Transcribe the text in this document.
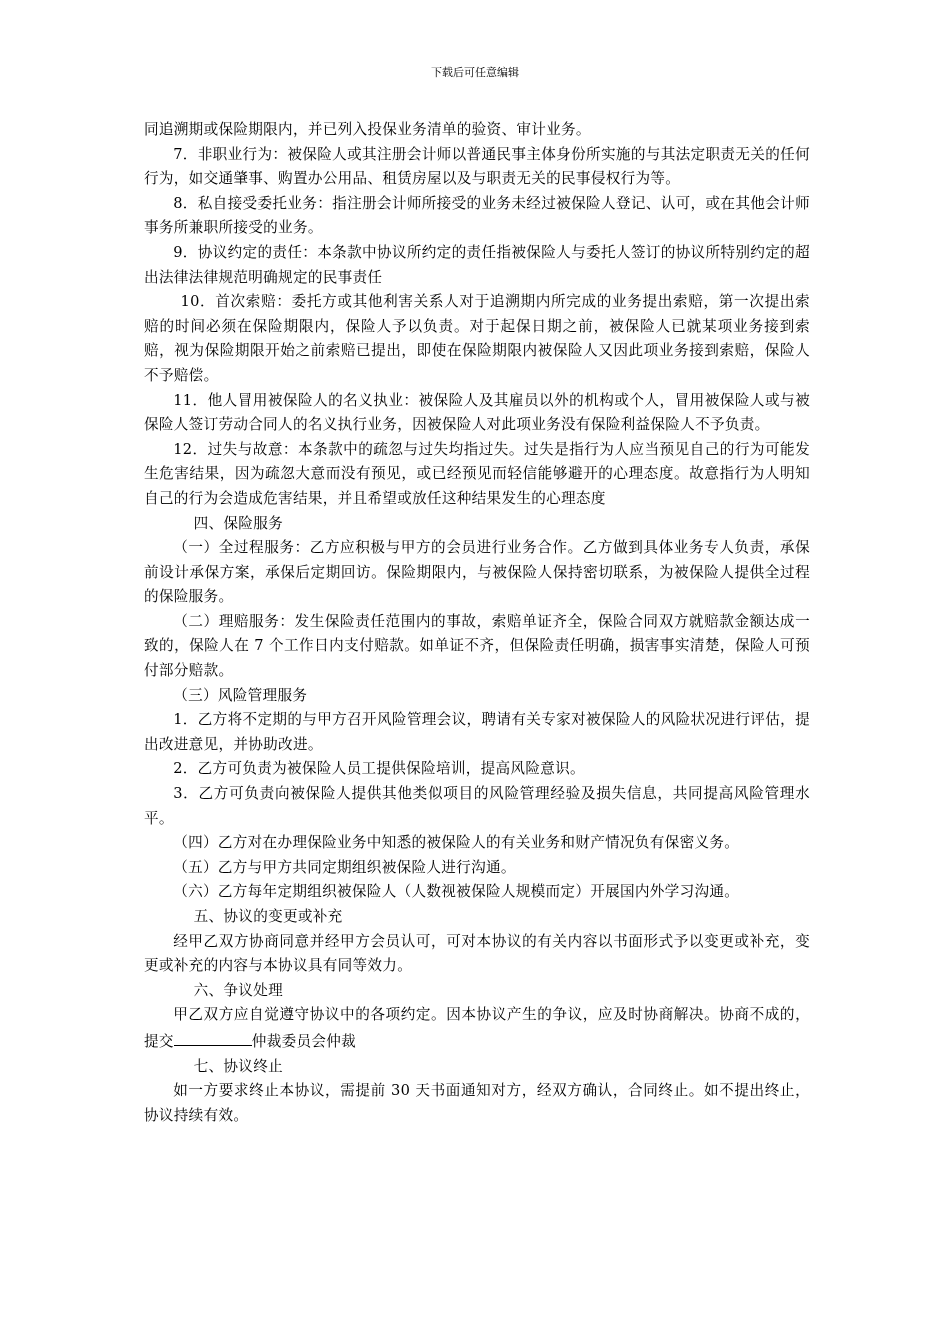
下载后可任意编辑

同追溯期或保险期限内，并已列入投保业务清单的验资、审计业务。

7．非职业行为：被保险人或其注册会计师以普通民事主体身份所实施的与其法定职责无关的任何行为，如交通肇事、购置办公用品、租赁房屋以及与职责无关的民事侵权行为等。

8．私自接受委托业务：指注册会计师所接受的业务未经过被保险人登记、认可，或在其他会计师事务所兼职所接受的业务。

9．协议约定的责任：本条款中协议所约定的责任指被保险人与委托人签订的协议所特别约定的超出法律法律规范明确规定的民事责任

10．首次索赔：委托方或其他利害关系人对于追溯期内所完成的业务提出索赔，第一次提出索赔的时间必须在保险期限内，保险人予以负责。对于起保日期之前，被保险人已就某项业务接到索赔，视为保险期限开始之前索赔已提出，即使在保险期限内被保险人又因此项业务接到索赔，保险人不予赔偿。

11．他人冒用被保险人的名义执业：被保险人及其雇员以外的机构或个人，冒用被保险人或与被保险人签订劳动合同人的名义执行业务，因被保险人对此项业务没有保险利益保险人不予负责。

12．过失与故意：本条款中的疏忽与过失均指过失。过失是指行为人应当预见自己的行为可能发生危害结果，因为疏忽大意而没有预见，或已经预见而轻信能够避开的心理态度。故意指行为人明知自己的行为会造成危害结果，并且希望或放任这种结果发生的心理态度

四、保险服务

（一）全过程服务：乙方应积极与甲方的会员进行业务合作。乙方做到具体业务专人负责，承保前设计承保方案，承保后定期回访。保险期限内，与被保险人保持密切联系，为被保险人提供全过程的保险服务。

（二）理赔服务：发生保险责任范围内的事故，索赔单证齐全，保险合同双方就赔款金额达成一致的，保险人在 7 个工作日内支付赔款。如单证不齐，但保险责任明确，损害事实清楚，保险人可预付部分赔款。

（三）风险管理服务

1．乙方将不定期的与甲方召开风险管理会议，聘请有关专家对被保险人的风险状况进行评估，提出改进意见，并协助改进。

2．乙方可负责为被保险人员工提供保险培训，提高风险意识。

3．乙方可负责向被保险人提供其他类似项目的风险管理经验及损失信息，共同提高风险管理水平。

（四）乙方对在办理保险业务中知悉的被保险人的有关业务和财产情况负有保密义务。

（五）乙方与甲方共同定期组织被保险人进行沟通。

（六）乙方每年定期组织被保险人（人数视被保险人规模而定）开展国内外学习沟通。

五、协议的变更或补充

经甲乙双方协商同意并经甲方会员认可，可对本协议的有关内容以书面形式予以变更或补充，变更或补充的内容与本协议具有同等效力。

六、争议处理

甲乙双方应自觉遵守协议中的各项约定。因本协议产生的争议，应及时协商解决。协商不成的，提交	仲裁委员会仲裁

七、协议终止

如一方要求终止本协议，需提前 30 天书面通知对方，经双方确认，合同终止。如不提出终止，协议持续有效。
